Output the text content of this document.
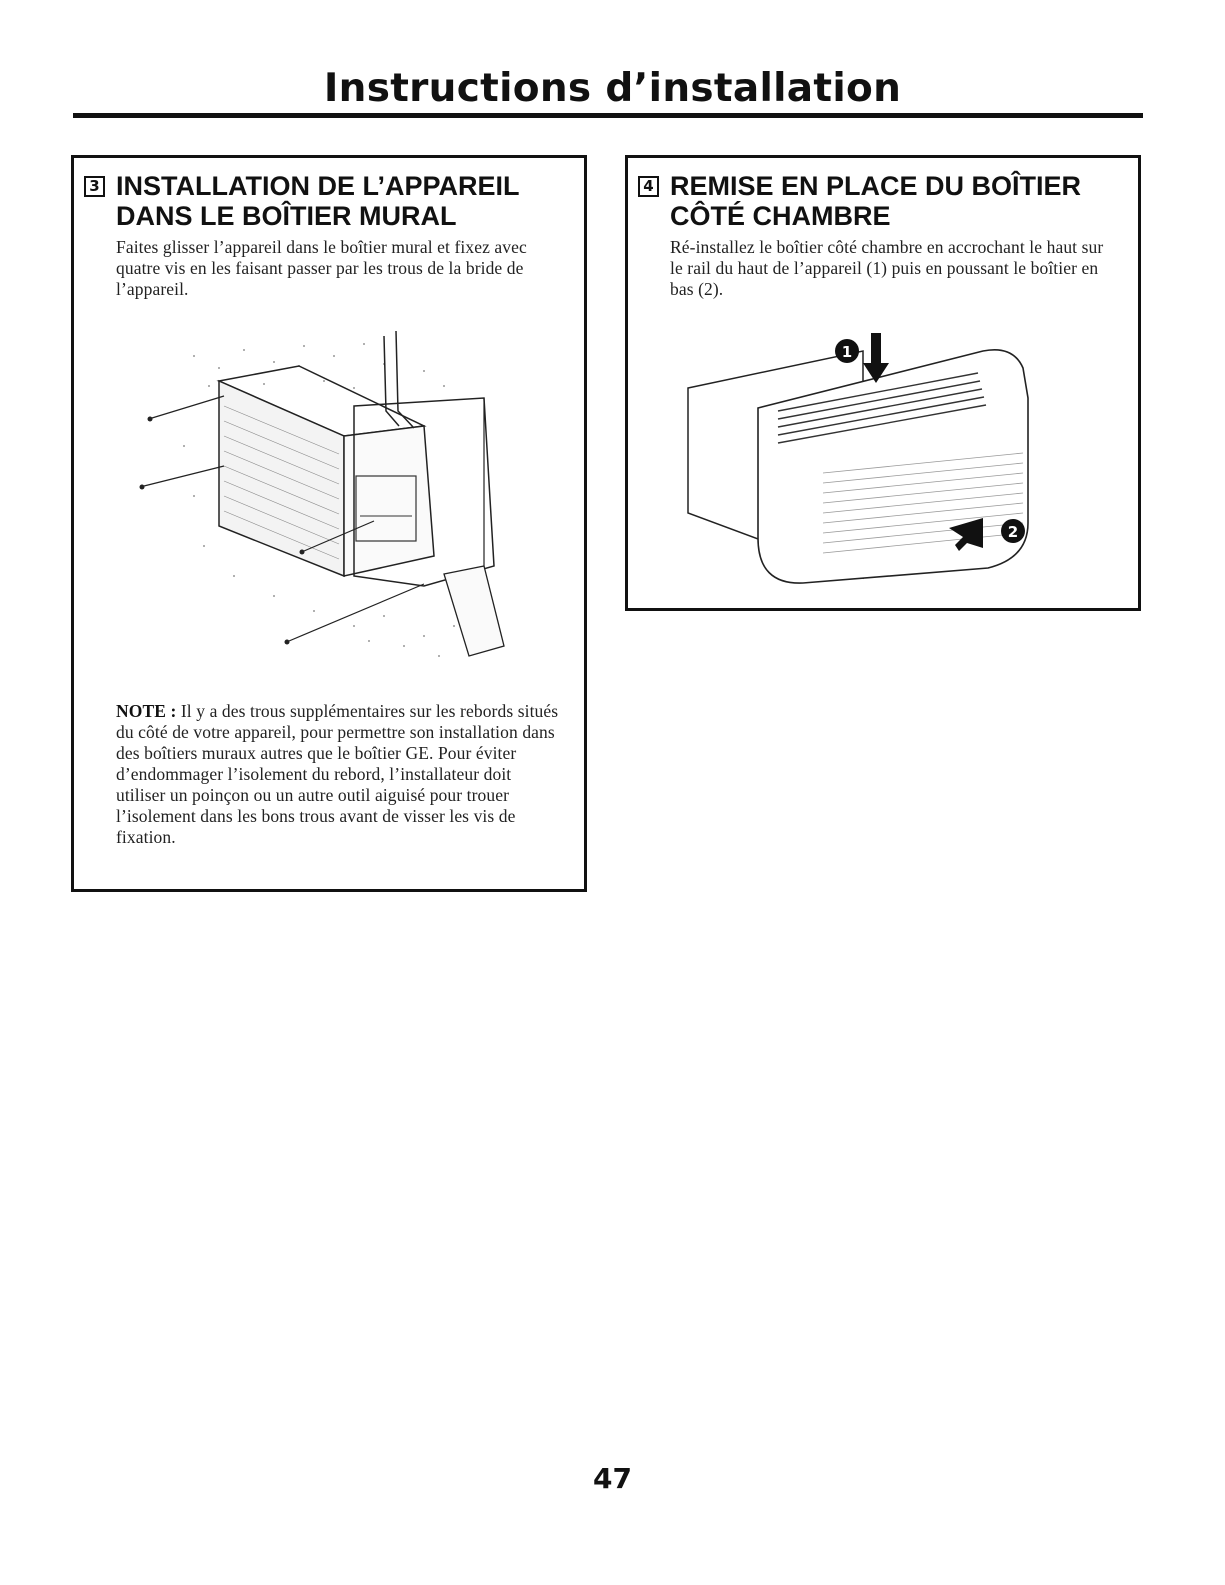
Instructions d’installation
3 INSTALLATION DE L’APPAREIL
DANS LE BOÎTIER MURAL
Faites glisser l’appareil dans le boîtier mural et fixez avec quatre vis en les faisant passer par les trous de la bride de l’appareil.
NOTE : Il y a des trous supplémentaires sur les rebords situés du côté de votre appareil, pour permettre son installation dans des boîtiers muraux autres que le boîtier GE. Pour éviter d’endommager l’isolement du rebord, l’installateur doit utiliser un poinçon ou un autre outil aiguisé pour trouer l’isolement dans les bons trous avant de visser les vis de fixation.
4 REMISE EN PLACE DU BOÎTIER
CÔTÉ CHAMBRE
Ré-installez le boîtier côté chambre en accrochant le haut sur le rail du haut de l’appareil (1) puis en poussant le boîtier en bas (2).
1
2
47
